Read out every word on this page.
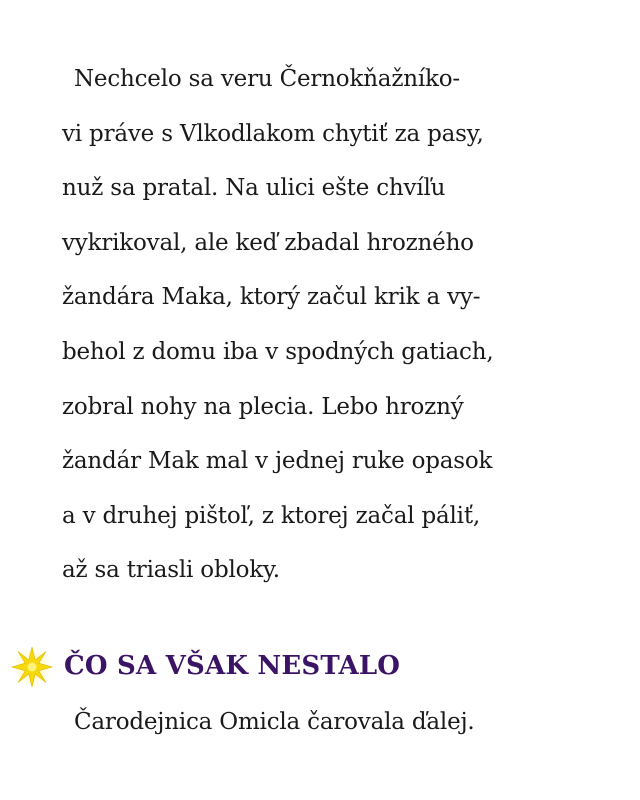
Nechcelo sa veru Černokňažníko-
vi práve s Vlkodlakom chytiť za pasy,
nuž sa pratal. Na ulici ešte chvíľu
vykrikoval, ale keď zbadal hrozného
žandára Maka, ktorý začul krik a vy-
behol z domu iba v spodných gatiach,
zobral nohy na plecia. Lebo hrozný
žandár Mak mal v jednej ruke opasok
a v druhej pištoľ, z ktorej začal páliť,
až sa triasli obloky.
ČO SA VŠAK NESTALO
Čarodejnica Omicla čarovala ďalej.
